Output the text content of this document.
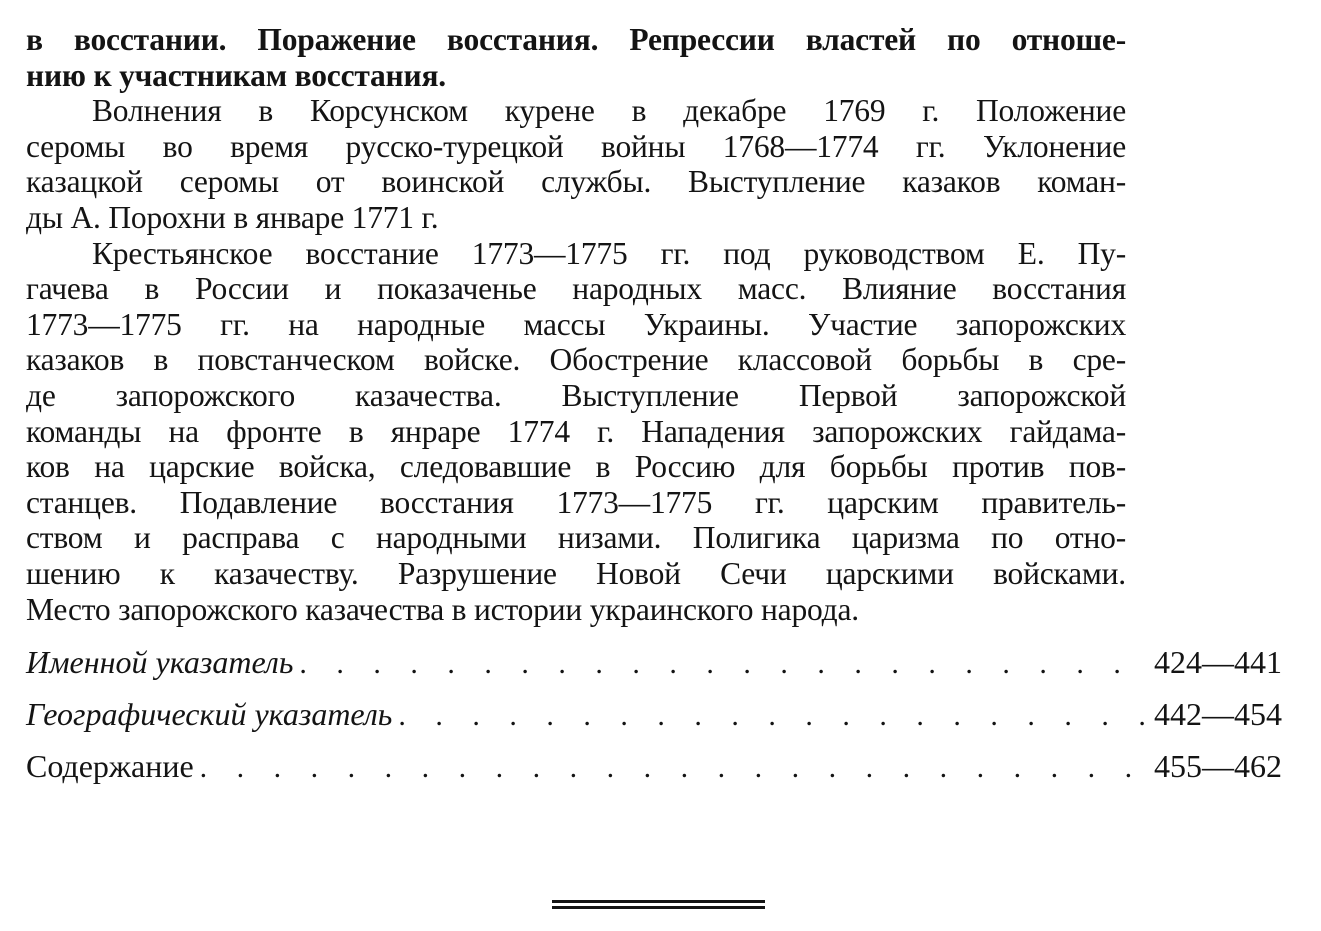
в восстании. Поражение восстания. Репрессии властей по отноше-
нию к участникам восстания.
Волнения в Корсунском курене в декабре 1769 г. Положение
серомы во время русско-турецкой войны 1768—1774 гг. Уклонение
казацкой серомы от воинской службы. Выступление казаков коман-
ды А. Порохни в январе 1771 г.
Крестьянское восстание 1773—1775 гг. под руководством Е. Пу-
гачева в России и показаченье народных масс. Влияние восстания
1773—1775 гг. на народные массы Украины. Участие запорожских
казаков в повстанческом войске. Обострение классовой борьбы в сре-
де запорожского казачества. Выступление Первой запорожской
команды на фронте в янраре 1774 г. Нападения запорожских гайдама-
ков на царские войска, следовавшие в Россию для борьбы против пов-
станцев. Подавление восстания 1773—1775 гг. царским правитель-
ством и расправа с народными низами. Полигика царизма по отно-
шению к казачеству. Разрушение Новой Сечи царскими войсками.
Место запорожского казачества в истории украинского народа.
Именной указатель . . .	424—441
Географический указатель . . .	442—454
Содержание . . .	455—462
